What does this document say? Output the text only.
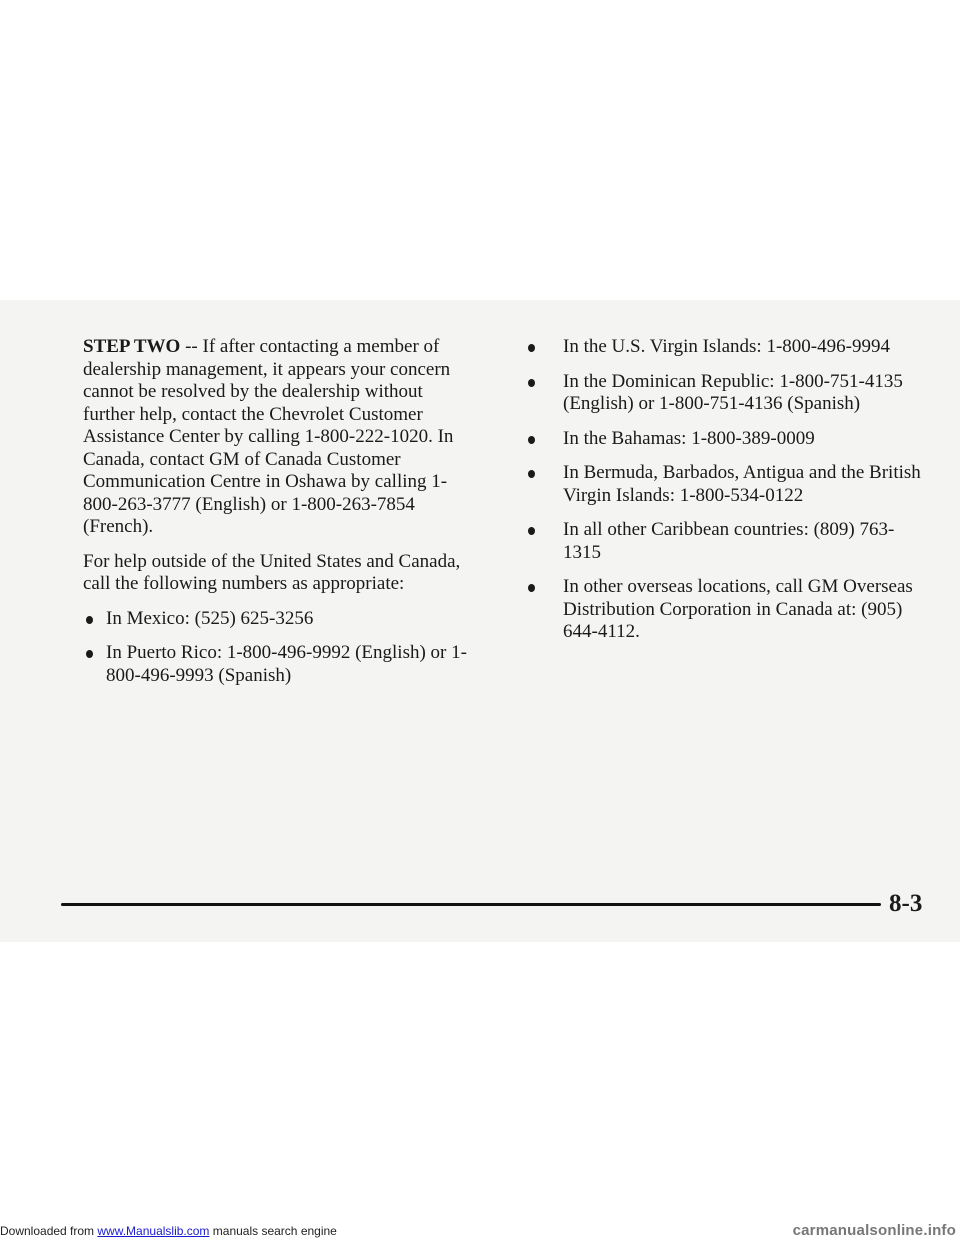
STEP TWO -- If after contacting a member of dealership management, it appears your concern cannot be resolved by the dealership without further help, contact the Chevrolet Customer Assistance Center by calling 1-800-222-1020. In Canada, contact GM of Canada Customer Communication Centre in Oshawa by calling 1-800-263-3777 (English) or 1-800-263-7854 (French).

For help outside of the United States and Canada, call the following numbers as appropriate:

In Mexico: (525) 625-3256
In Puerto Rico: 1-800-496-9992 (English) or 1-800-496-9993 (Spanish)
In the U.S. Virgin Islands: 1-800-496-9994
In the Dominican Republic: 1-800-751-4135 (English) or 1-800-751-4136 (Spanish)
In the Bahamas: 1-800-389-0009
In Bermuda, Barbados, Antigua and the British Virgin Islands: 1-800-534-0122
In all other Caribbean countries: (809) 763-1315
In other overseas locations, call GM Overseas Distribution Corporation in Canada at: (905) 644-4112.
8-3
Downloaded from www.Manualslib.com manuals search engine	carmanualsonline.info
